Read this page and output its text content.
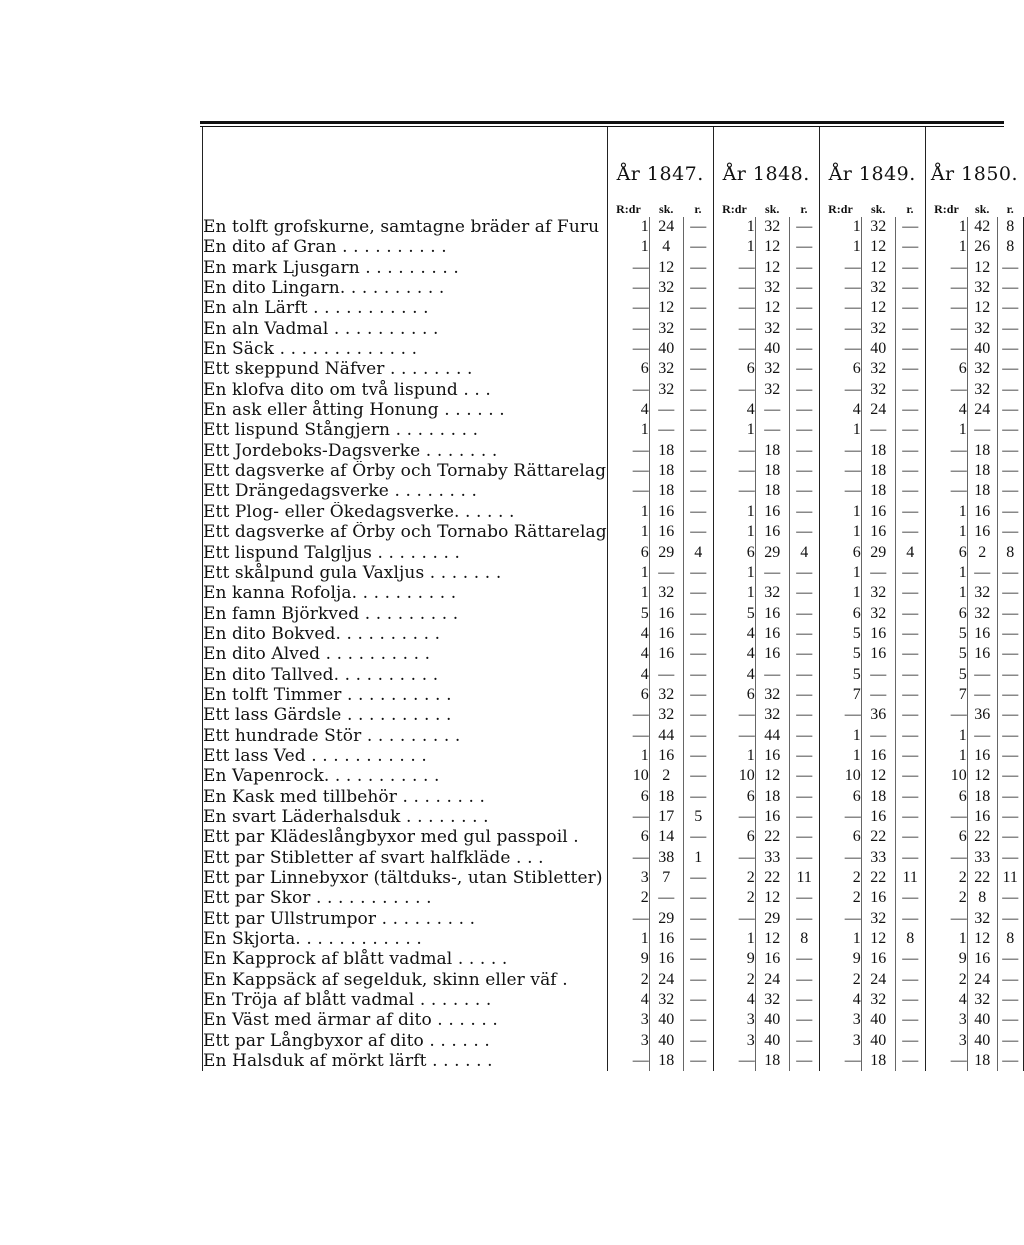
	År 1847.			År 1848.			År 1849.			År 1850.		
	R:dr	sk.	r.	R:dr	sk.	r.	R:dr	sk.	r.	R:dr	sk.	r.
En tolft grofskurne, samtagne bräder af Furu	1	24	—	1	32	—	1	32	—	1	42	8
En dito af Gran . . . . . . . . . .	1	4	—	1	12	—	1	12	—	1	26	8
En mark Ljusgarn . . . . . . . . .	—	12	—	—	12	—	—	12	—	—	12	—
En dito Lingarn. . . . . . . . . .	—	32	—	—	32	—	—	32	—	—	32	—
En aln Lärft . . . . . . . . . . .	—	12	—	—	12	—	—	12	—	—	12	—
En aln Vadmal . . . . . . . . . .	—	32	—	—	32	—	—	32	—	—	32	—
En Säck . . . . . . . . . . . . .	—	40	—	—	40	—	—	40	—	—	40	—
Ett skeppund Näfver . . . . . . . .	6	32	—	6	32	—	6	32	—	6	32	—
En klofva dito om två lispund . . .	—	32	—	—	32	—	—	32	—	—	32	—
En ask eller åtting Honung . . . . . .	4	—	—	4	—	—	4	24	—	4	24	—
Ett lispund Stångjern . . . . . . . .	1	—	—	1	—	—	1	—	—	1	—	—
Ett Jordeboks-Dagsverke . . . . . . .	—	18	—	—	18	—	—	18	—	—	18	—
Ett dagsverke af Örby och Tornaby Rättarelag	—	18	—	—	18	—	—	18	—	—	18	—
Ett Drängedagsverke . . . . . . . .	—	18	—	—	18	—	—	18	—	—	18	—
Ett Plog- eller Ökedagsverke. . . . . .	1	16	—	1	16	—	1	16	—	1	16	—
Ett dagsverke af Örby och Tornabo Rättarelag	1	16	—	1	16	—	1	16	—	1	16	—
Ett lispund Talgljus . . . . . . . .	6	29	4	6	29	4	6	29	4	6	2	8
Ett skålpund gula Vaxljus . . . . . . .	1	—	—	1	—	—	1	—	—	1	—	—
En kanna Rofolja. . . . . . . . . .	1	32	—	1	32	—	1	32	—	1	32	—
En famn Björkved . . . . . . . . .	5	16	—	5	16	—	6	32	—	6	32	—
En dito Bokved. . . . . . . . . .	4	16	—	4	16	—	5	16	—	5	16	—
En dito Alved . . . . . . . . . .	4	16	—	4	16	—	5	16	—	5	16	—
En dito Tallved. . . . . . . . . .	4	—	—	4	—	—	5	—	—	5	—	—
En tolft Timmer . . . . . . . . . .	6	32	—	6	32	—	7	—	—	7	—	—
Ett lass Gärdsle . . . . . . . . . .	—	32	—	—	32	—	—	36	—	—	36	—
Ett hundrade Stör . . . . . . . . .	—	44	—	—	44	—	1	—	—	1	—	—
Ett lass Ved . . . . . . . . . . .	1	16	—	1	16	—	1	16	—	1	16	—
En Vapenrock. . . . . . . . . . .	10	2	—	10	12	—	10	12	—	10	12	—
En Kask med tillbehör . . . . . . . .	6	18	—	6	18	—	6	18	—	6	18	—
En svart Läderhalsduk . . . . . . . .	—	17	5	—	16	—	—	16	—	—	16	—
Ett par Klädeslångbyxor med gul passpoil .	6	14	—	6	22	—	6	22	—	6	22	—
Ett par Stibletter af svart halfkläde . . .	—	38	1	—	33	—	—	33	—	—	33	—
Ett par Linnebyxor (tältduks-, utan Stibletter)	3	7	—	2	22	11	2	22	11	2	22	11
Ett par Skor . . . . . . . . . . .	2	—	—	2	12	—	2	16	—	2	8	—
Ett par Ullstrumpor . . . . . . . . .	—	29	—	—	29	—	—	32	—	—	32	—
En Skjorta. . . . . . . . . . . .	1	16	—	1	12	8	1	12	8	1	12	8
En Kapprock af blått vadmal . . . . .	9	16	—	9	16	—	9	16	—	9	16	—
En Kappsäck af segelduk, skinn eller väf .	2	24	—	2	24	—	2	24	—	2	24	—
En Tröja af blått vadmal . . . . . . .	4	32	—	4	32	—	4	32	—	4	32	—
En Väst med ärmar af dito . . . . . .	3	40	—	3	40	—	3	40	—	3	40	—
Ett par Långbyxor af dito . . . . . .	3	40	—	3	40	—	3	40	—	3	40	—
En Halsduk af mörkt lärft . . . . . .	—	18	—	—	18	—	—	18	—	—	18	—
